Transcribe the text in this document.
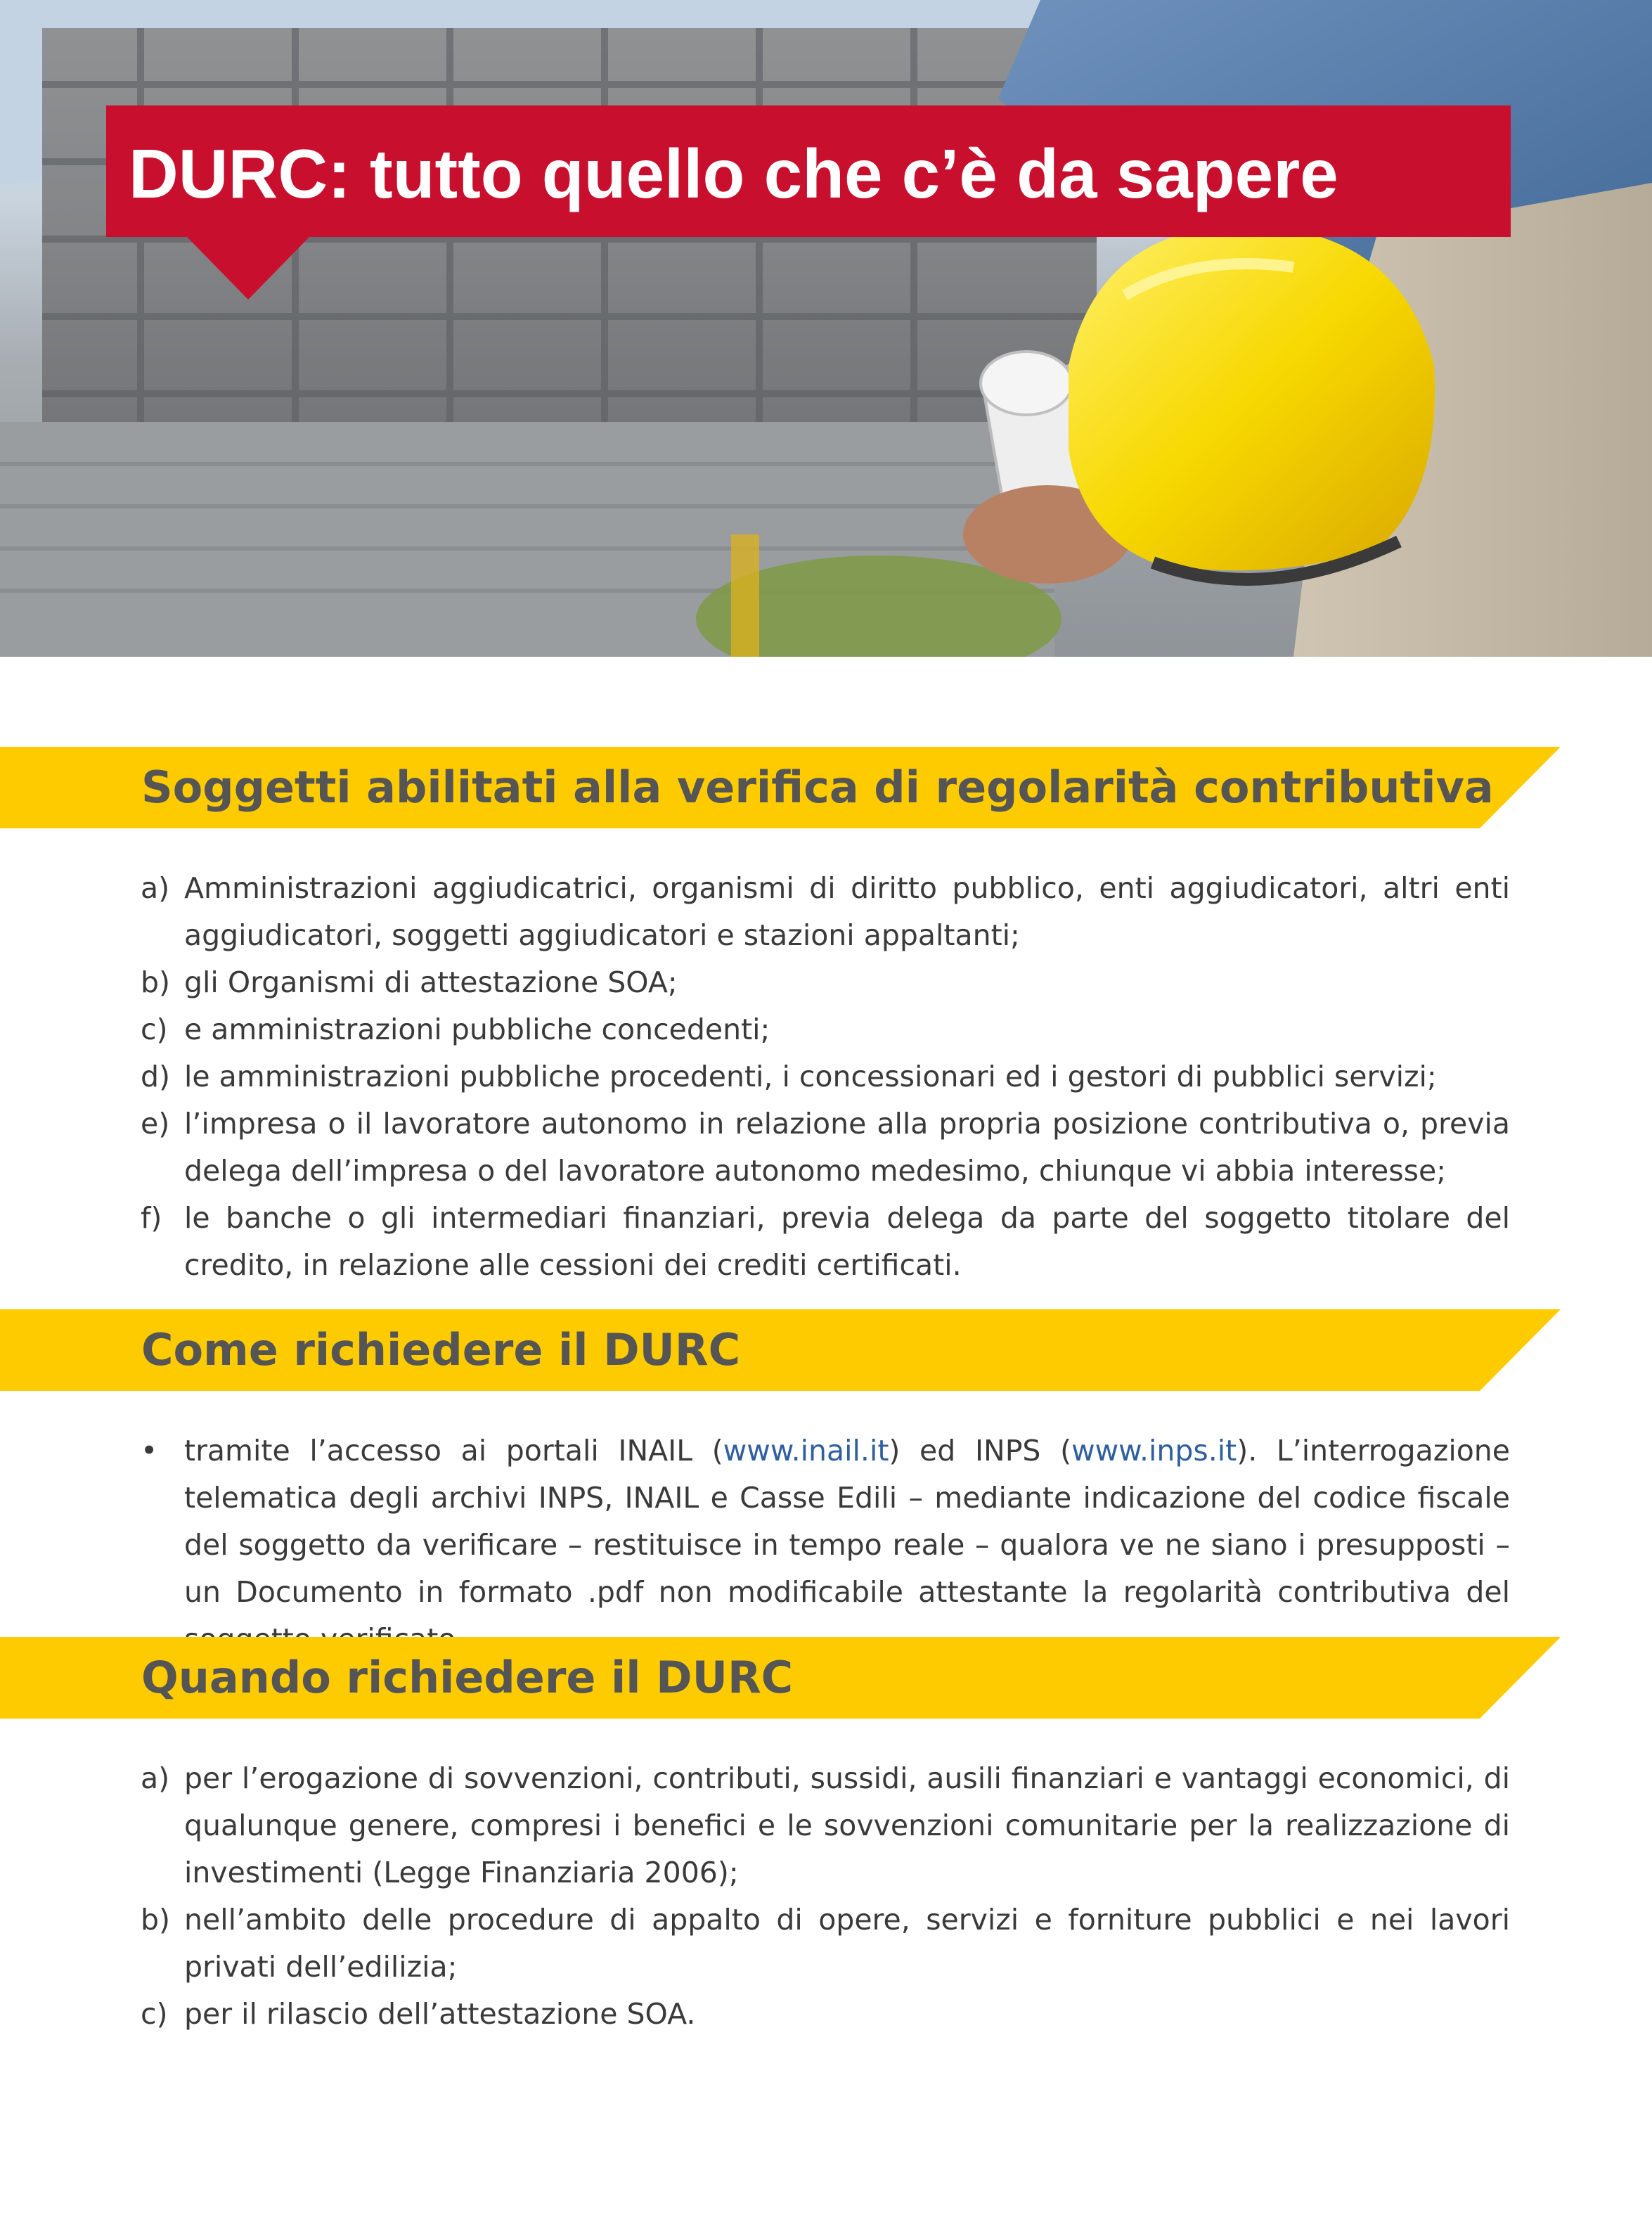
DURC: tutto quello che c’è da sapere
Soggetti abilitati alla verifica di regolarità contributiva
a) Amministrazioni aggiudicatrici, organismi di diritto pubblico, enti aggiudicatori, altri enti aggiudicatori, soggetti aggiudicatori e stazioni appaltanti;
b) gli Organismi di attestazione SOA;
c) e amministrazioni pubbliche concedenti;
d) le amministrazioni pubbliche procedenti, i concessionari ed i gestori di pubblici servizi;
e) l’impresa o il lavoratore autonomo in relazione alla propria posizione contributiva o, previa delega dell’impresa o del lavoratore autonomo medesimo, chiunque vi abbia interesse;
f) le banche o gli intermediari finanziari, previa delega da parte del soggetto titolare del credito, in relazione alle cessioni dei crediti certificati.
Come richiedere il DURC
• tramite l’accesso ai portali INAIL (www.inail.it) ed INPS (www.inps.it). L’interrogazione telematica degli archivi INPS, INAIL e Casse Edili – mediante indicazione del codice fiscale del soggetto da verificare – restituisce in tempo reale – qualora ve ne siano i presupposti – un Documento in formato .pdf non modificabile attestante la regolarità contributiva del
Quando richiedere il DURC
a) per l’erogazione di sovvenzioni, contributi, sussidi, ausili finanziari e vantaggi economici, di qualunque genere, compresi i benefici e le sovvenzioni comunitarie per la realizzazione di investimenti (Legge Finanziaria 2006);
b) nell’ambito delle procedure di appalto di opere, servizi e forniture pubblici e nei lavori privati dell’edilizia;
c) per il rilascio dell’attestazione SOA.
